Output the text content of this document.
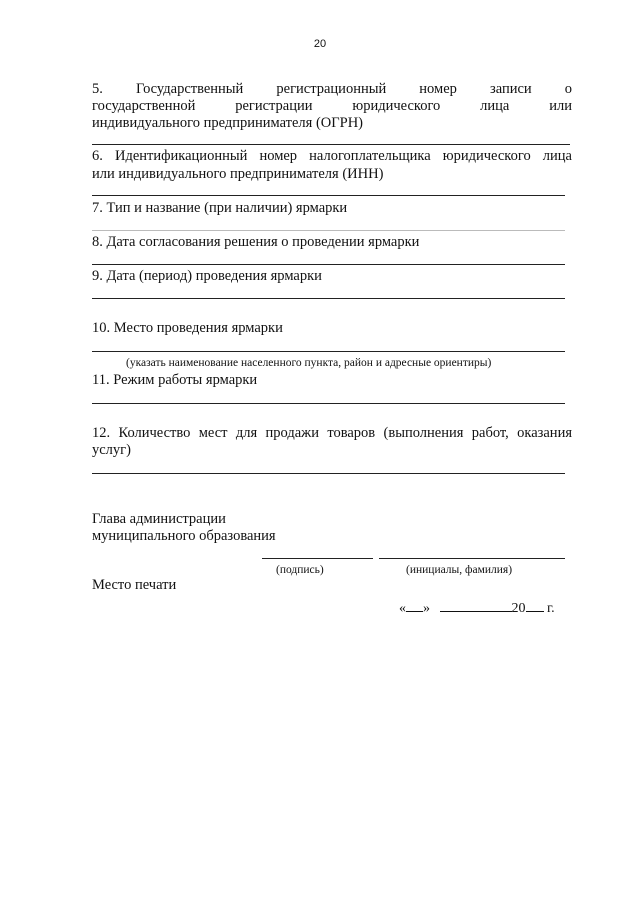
20
5. Государственный регистрационный номер записи о
государственной регистрации юридического лица или
индивидуального предпринимателя (ОГРН)
6. Идентификационный номер налогоплательщика юридического лица
или индивидуального предпринимателя (ИНН)
7. Тип и название (при наличии) ярмарки
8. Дата согласования решения о проведении ярмарки
9. Дата (период) проведения ярмарки
10. Место проведения ярмарки
(указать наименование населенного пункта, район и адресные ориентиры)
11. Режим работы ярмарки
12. Количество мест для продажи товаров (выполнения работ, оказания
услуг)
Глава администрации
муниципального образования
(подпись)	(инициалы, фамилия)
Место печати
« »	20 г.
